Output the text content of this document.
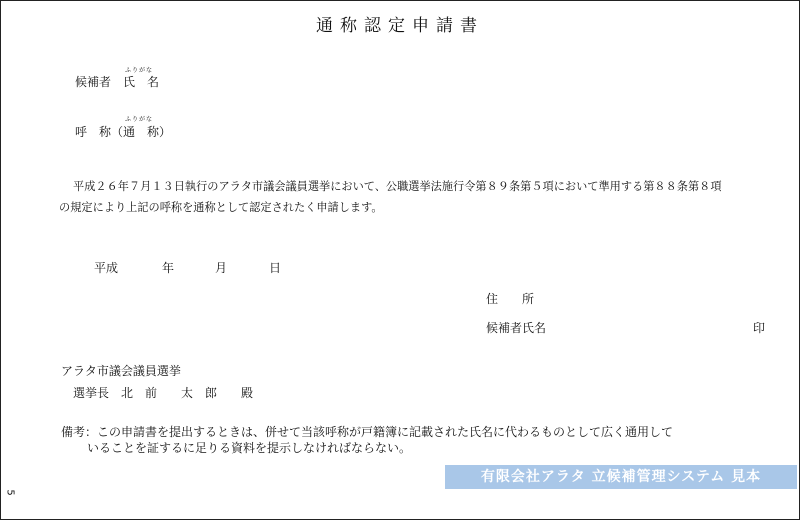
通称認定申請書
ふりがな
候補者　氏　名
ふりがな
呼　称（通　称）
平成２６年７月１３日執行のアラタ市議会議員選挙において、公職選挙法施行令第８９条第５項において準用する第８８条第８項
の規定により上記の呼称を通称として認定されたく申請します。
平成	年	月	日
住　　所
候補者氏名	印
アラタ市議会議員選挙
選挙長　北　前　　太　郎　　殿
備考：この申請書を提出するときは、併せて当該呼称が戸籍簿に記載された氏名に代わるものとして広く通用して
いることを証するに足りる資料を提示しなければならない。
有限会社アラタ 立候補管理システム 見本
5
